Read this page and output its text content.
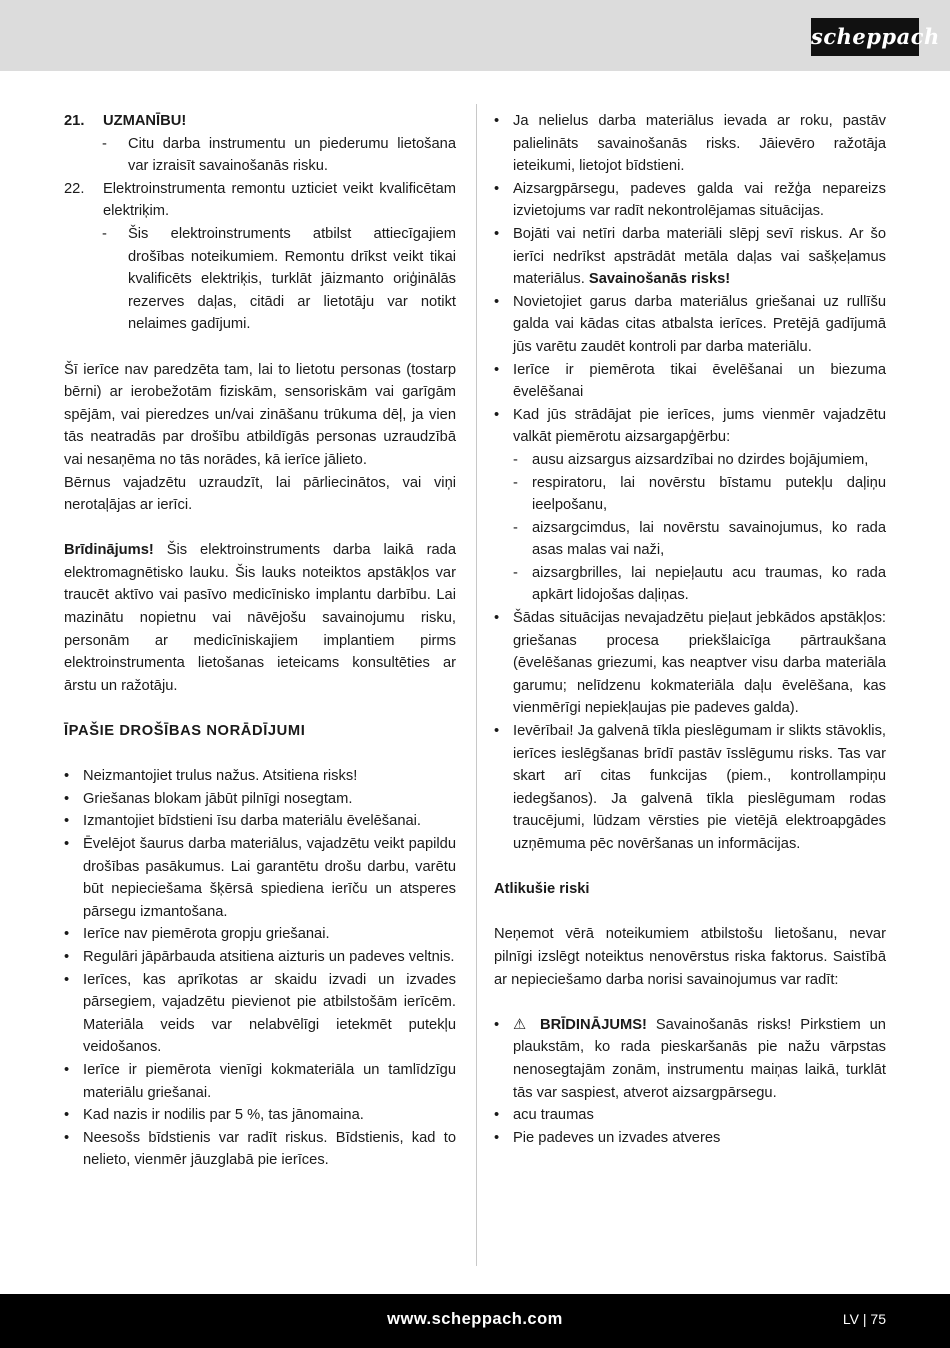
scheppach
21. UZMANĪBU!
- Citu darba instrumentu un piederumu lietošana var izraisīt savainošanās risku.
22. Elektroinstrumenta remontu uzticiet veikt kvalificētam elektriķim.
- Šis elektroinstruments atbilst attiecīgajiem drošības noteikumiem. Remontu drīkst veikt tikai kvalificēts elektriķis, turklāt jāizmanto oriģinālās rezerves daļas, citādi ar lietotāju var notikt nelaimes gadījumi.
Šī ierīce nav paredzēta tam, lai to lietotu personas (tostarp bērni) ar ierobežotām fiziskām, sensoriskām vai garīgām spējām, vai pieredzes un/vai zināšanu trūkuma dēļ, ja vien tās neatradās par drošību atbildīgās personas uzraudzībā vai nesaņēma no tās norādes, kā ierīce jālieto.
Bērnus vajadzētu uzraudzīt, lai pārliecinātos, vai viņi nerotaļājas ar ierīci.
Brīdinājums! Šis elektroinstruments darba laikā rada elektromagnētisko lauku. Šis lauks noteiktos apstākļos var traucēt aktīvo vai pasīvo medicīnisko implantu darbību. Lai mazinātu nopietnu vai nāvējošu savainojumu risku, personām ar medicīniskajiem implantiem pirms elektroinstrumenta lietošanas ieteicams konsultēties ar ārstu un ražotāju.
ĪPAŠIE DROŠĪBAS NORĀDĪJUMI
• Neizmantojiet trulus nažus. Atsitiena risks!
• Griešanas blokam jābūt pilnīgi nosegtam.
• Izmantojiet bīdstieni īsu darba materiālu ēvelēšanai.
• Ēvelējot šaurus darba materiālus, vajadzētu veikt papildu drošības pasākumus. Lai garantētu drošu darbu, varētu būt nepieciešama šķērsā spiediena ierīču un atsperes pārsegu izmantošana.
• Ierīce nav piemērota gropju griešanai.
• Regulāri jāpārbauda atsitiena aizturis un padeves veltnis.
• Ierīces, kas aprīkotas ar skaidu izvadi un izvades pārsegiem, vajadzētu pievienot pie atbilstošām ierīcēm. Materiāla veids var nelabvēlīgi ietekmēt putekļu veidošanos.
• Ierīce ir piemērota vienīgi kokmateriāla un tamlīdzīgu materiālu griešanai.
• Kad nazis ir nodilis par 5 %, tas jānomaina.
• Neesošs bīdstienis var radīt riskus. Bīdstienis, kad to nelieto, vienmēr jāuzglabā pie ierīces.
• Ja nelielus darba materiālus ievada ar roku, pastāv palielināts savainošanās risks. Jāievēro ražotāja ieteikumi, lietojot bīdstieni.
• Aizsargpārsegu, padeves galda vai režģa nepareizs izvietojums var radīt nekontrolējamas situācijas.
• Bojāti vai netīri darba materiāli slēpj sevī riskus. Ar šo ierīci nedrīkst apstrādāt metāla daļas vai sašķeļamus materiālus. Savainošanās risks!
• Novietojiet garus darba materiālus griešanai uz rullīšu galda vai kādas citas atbalsta ierīces. Pretējā gadījumā jūs varētu zaudēt kontroli par darba materiālu.
• Ierīce ir piemērota tikai ēvelēšanai un biezuma ēvelēšanai
• Kad jūs strādājat pie ierīces, jums vienmēr vajadzētu valkāt piemērotu aizsargapģērbu:
- ausu aizsargus aizsardzībai no dzirdes bojājumiem,
- respiratoru, lai novērstu bīstamu putekļu daļiņu ieelpošanu,
- aizsargcimdus, lai novērstu savainojumus, ko rada asas malas vai naži,
- aizsargbrilles, lai nepieļautu acu traumas, ko rada apkārt lidojošas daļiņas.
• Šādas situācijas nevajadzētu pieļaut jebkādos apstākļos: griešanas procesa priekšlaicīga pārtraukšana (ēvelēšanas griezumi, kas neaptver visu darba materiāla garumu; nelīdzenu kokmateriāla daļu ēvelēšana, kas vienmērīgi nepiekļaujas pie padeves galda).
• Ievērībai! Ja galvenā tīkla pieslēgumam ir slikts stāvoklis, ierīces ieslēgšanas brīdī pastāv īsslēgumu risks. Tas var skart arī citas funkcijas (piem., kontrollampiņu iedegšanos). Ja galvenā tīkla pieslēgumam rodas traucējumi, lūdzam vērsties pie vietējā elektroapgādes uzņēmuma pēc novēršanas un informācijas.
Atlikušie riski
Neņemot vērā noteikumiem atbilstošu lietošanu, nevar pilnīgi izslēgt noteiktus nenovērstus riska faktorus. Saistībā ar nepieciešamo darba norisi savainojumus var radīt:
• ⚠ BRĪDINĀJUMS! Savainošanās risks! Pirkstiem un plaukstām, ko rada pieskaršanās pie nažu vārpstas nenosegtajām zonām, instrumentu maiņas laikā, turklāt tās var saspiest, atverot aizsargpārsegu.
• acu traumas
• Pie padeves un izvades atveres
www.scheppach.com	LV | 75
